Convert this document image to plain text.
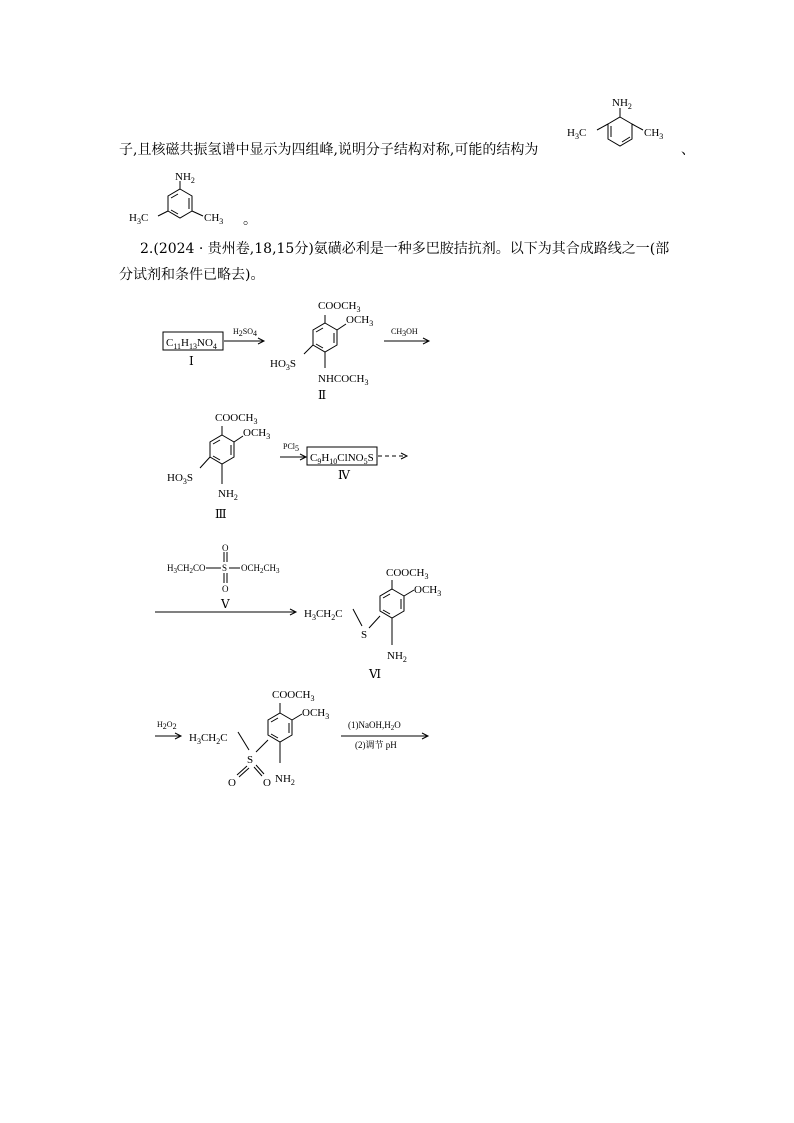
子,且核磁共振氢谱中显示为四组峰,说明分子结构对称,可能的结构为	、
。
2.(2024 · 贵州卷,18,15分)氨磺必利是一种多巴胺拮抗剂。以下为其合成路线之一(部
分试剂和条件已略去)。
$NH_2$
$H_3C$	$CH_3$
$NH_2$
$H_3C$	$CH_3$
$C_{11}H_{13}NO_4$
Ⅰ
H2SO4
$COOCH_3$
$OCH_3$
$HO_3S$
$NHCOCH_3$
Ⅱ
CH3OH
$COOCH_3$
$OCH_3$
$HO_3S$
$NH_2$
Ⅲ
PCl5
$C_9H_{10}ClNO_5S$
Ⅳ
$H_3CH_2CO$ S $OCH_2CH_3$
O
O
Ⅴ
$H_3CH_2C$
S
$COOCH_3$
$OCH_3$
$NH_2$
Ⅵ
H2O2
$H_3CH_2C$
S
O O
$COOCH_3$
$OCH_3$
$NH_2$
$(1)NaOH,H_2O$
(2)调节 pH
